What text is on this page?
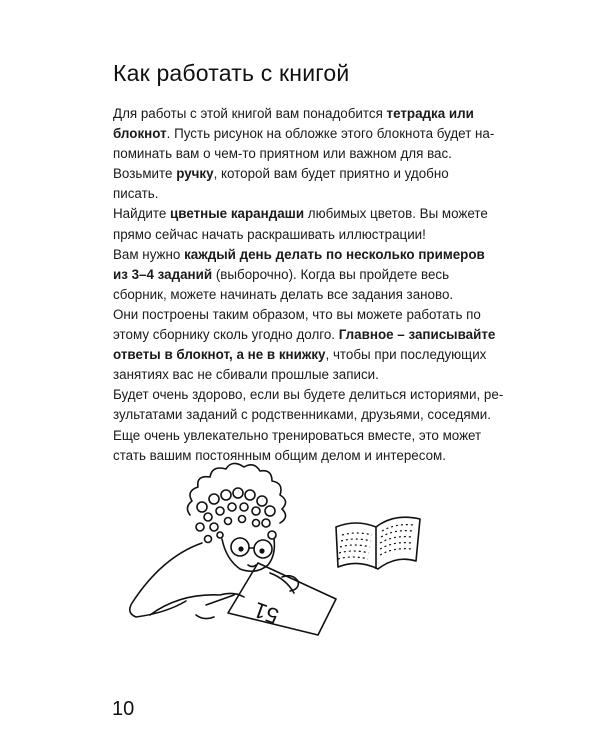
Как работать с книгой
Для работы с этой книгой вам понадобится тетрадка или
блокнот. Пусть рисунок на обложке этого блокнота будет на-
поминать вам о чем-то приятном или важном для вас.
Возьмите ручку, которой вам будет приятно и удобно
писать.
Найдите цветные карандаши любимых цветов. Вы можете
прямо сейчас начать раскрашивать иллюстрации!
Вам нужно каждый день делать по несколько примеров
из 3–4 заданий (выборочно). Когда вы пройдете весь
сборник, можете начинать делать все задания заново.
Они построены таким образом, что вы можете работать по
этому сборнику сколь угодно долго. Главное – записывайте
ответы в блокнот, а не в книжку, чтобы при последующих
занятиях вас не сбивали прошлые записи.
Будет очень здорово, если вы будете делиться историями, ре-
зультатами заданий с родственниками, друзьями, соседями.
Еще очень увлекательно тренироваться вместе, это может
стать вашим постоянным общим делом и интересом.
51
10
